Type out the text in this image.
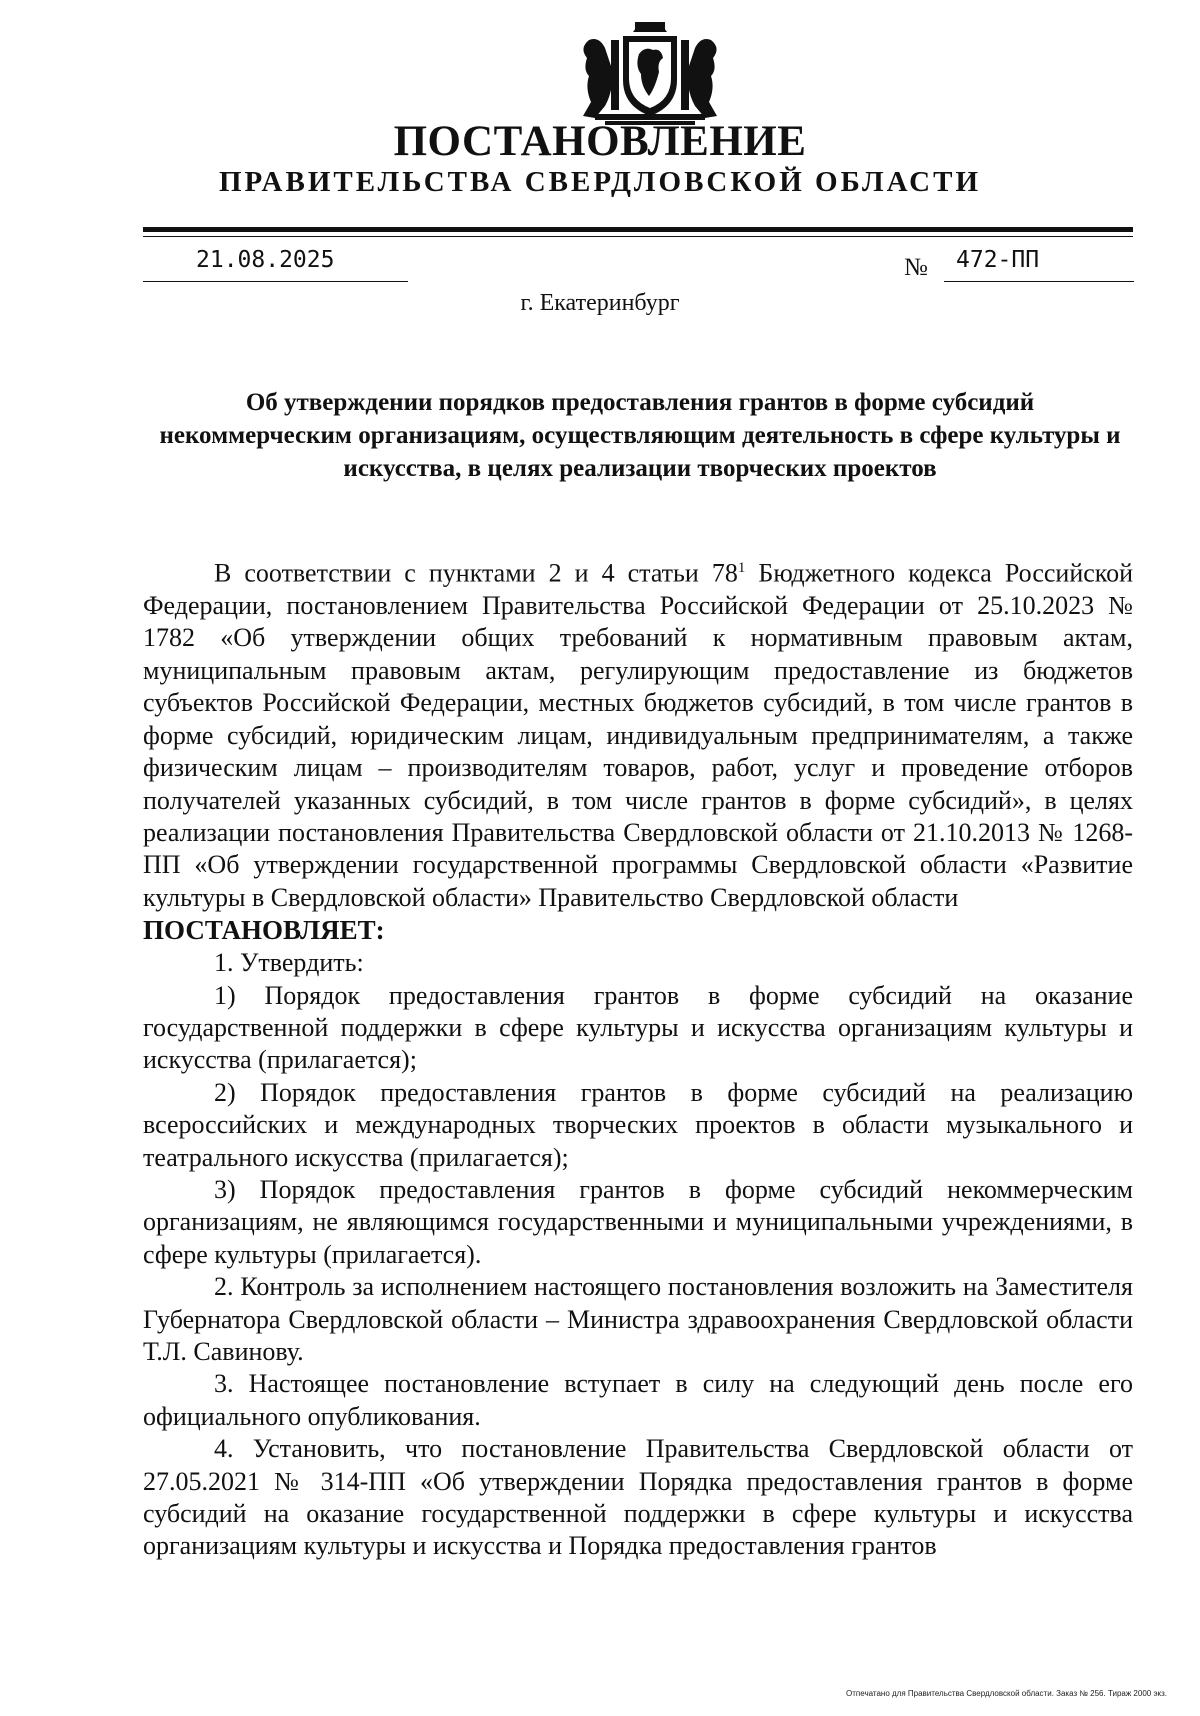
ПОСТАНОВЛЕНИЕ
ПРАВИТЕЛЬСТВА СВЕРДЛОВСКОЙ ОБЛАСТИ
21.08.2025	№ 472-ПП

г. Екатеринбург

Об утверждении порядков предоставления грантов в форме субсидий некоммерческим организациям, осуществляющим деятельность в сфере культуры и искусства, в целях реализации творческих проектов

В соответствии с пунктами 2 и 4 статьи $78^1$ Бюджетного кодекса Российской Федерации, постановлением Правительства Российской Федерации от 25.10.2023 № 1782 «Об утверждении общих требований к нормативным правовым актам, муниципальным правовым актам, регулирующим предоставление из бюджетов субъектов Российской Федерации, местных бюджетов субсидий, в том числе грантов в форме субсидий, юридическим лицам, индивидуальным предпринимателям, а также физическим лицам – производителям товаров, работ, услуг и проведение отборов получателей указанных субсидий, в том числе грантов в форме субсидий», в целях реализации постановления Правительства Свердловской области от 21.10.2013 № 1268-ПП «Об утверждении государственной программы Свердловской области «Развитие культуры в Свердловской области» Правительство Свердловской области

ПОСТАНОВЛЯЕТ:

1. Утвердить:

1) Порядок предоставления грантов в форме субсидий на оказание государственной поддержки в сфере культуры и искусства организациям культуры и искусства (прилагается);

2) Порядок предоставления грантов в форме субсидий на реализацию всероссийских и международных творческих проектов в области музыкального и театрального искусства (прилагается);

3) Порядок предоставления грантов в форме субсидий некоммерческим организациям, не являющимся государственными и муниципальными учреждениями, в сфере культуры (прилагается).

2. Контроль за исполнением настоящего постановления возложить на Заместителя Губернатора Свердловской области – Министра здравоохранения Свердловской области Т.Л. Савинову.

3. Настоящее постановление вступает в силу на следующий день после его официального опубликования.

4. Установить, что постановление Правительства Свердловской области от 27.05.2021 № 314-ПП «Об утверждении Порядка предоставления грантов в форме субсидий на оказание государственной поддержки в сфере культуры и искусства организациям культуры и искусства и Порядка предоставления грантов

Отпечатано для Правительства Свердловской области. Заказ № 256. Тираж 2000 экз.
